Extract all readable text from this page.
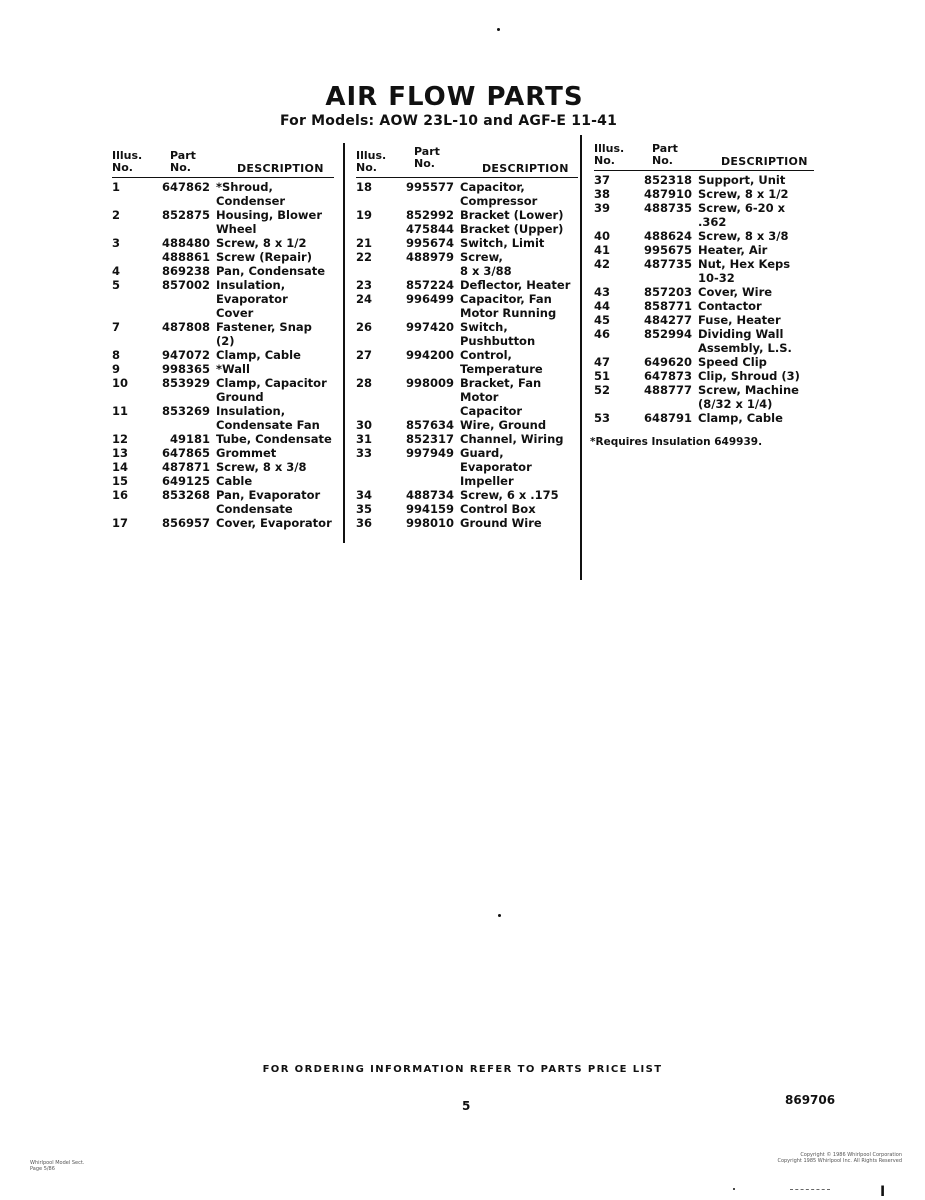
AIR FLOW PARTS
For Models: AOW 23L-10 and AGF-E 11-41
Illus.
No.
Part
No.	DESCRIPTION
1	647862 *Shroud, Condenser
2	852875 Housing, Blower
Wheel
3	488480 Screw, 8 x 1/2
488861 Screw (Repair)
4	869238 Pan, Condensate
5	857002 Insulation,
Evaporator
Cover
7	487808 Fastener, Snap (2)
8	947072 Clamp, Cable
9	998365 *Wall
10	853929 Clamp, Capacitor
Ground
11	853269 Insulation,
Condensate Fan
12	49181 Tube, Condensate
13	647865 Grommet
14	487871 Screw, 8 x 3/8
15	649125 Cable
16	853268 Pan, Evaporator
Condensate
17	856957 Cover, Evaporator
Illus.
No.
Part
No.	DESCRIPTION
18	995577 Capacitor,
Compressor
19	852992 Bracket (Lower)
475844 Bracket (Upper)
21	995674 Switch, Limit
22	488979 Screw,
8 x 3/88
23	857224 Deflector, Heater
24	996499 Capacitor, Fan
Motor Running
26	997420 Switch, Pushbutton
27	994200 Control,
Temperature
28	998009 Bracket, Fan Motor
Capacitor
30	857634 Wire, Ground
31	852317 Channel, Wiring
33	997949 Guard, Evaporator
Impeller
34	488734 Screw, 6 x .175
35	994159 Control Box
36	998010 Ground Wire
Illus.
No.
Part
No.	DESCRIPTION
37	852318 Support, Unit
38	487910 Screw, 8 x 1/2
39	488735 Screw, 6-20 x .362
40	488624 Screw, 8 x 3/8
41	995675 Heater, Air
42	487735 Nut, Hex Keps
10-32
43	857203 Cover, Wire
44	858771 Contactor
45	484277 Fuse, Heater
46	852994 Dividing Wall
Assembly, L.S.
47	649620 Speed Clip
51	647873 Clip, Shroud (3)
52	488777 Screw, Machine
(8/32 x 1/4)
53	648791 Clamp, Cable
*Requires Insulation 649939.
FOR ORDERING INFORMATION REFER TO PARTS PRICE LIST
5	869706
Whirlpool Model Sect.
Page 5/86
Copyright © 1986 Whirlpool Corporation
Copyright 1985 Whirlpool Inc. All Rights Reserved
I
